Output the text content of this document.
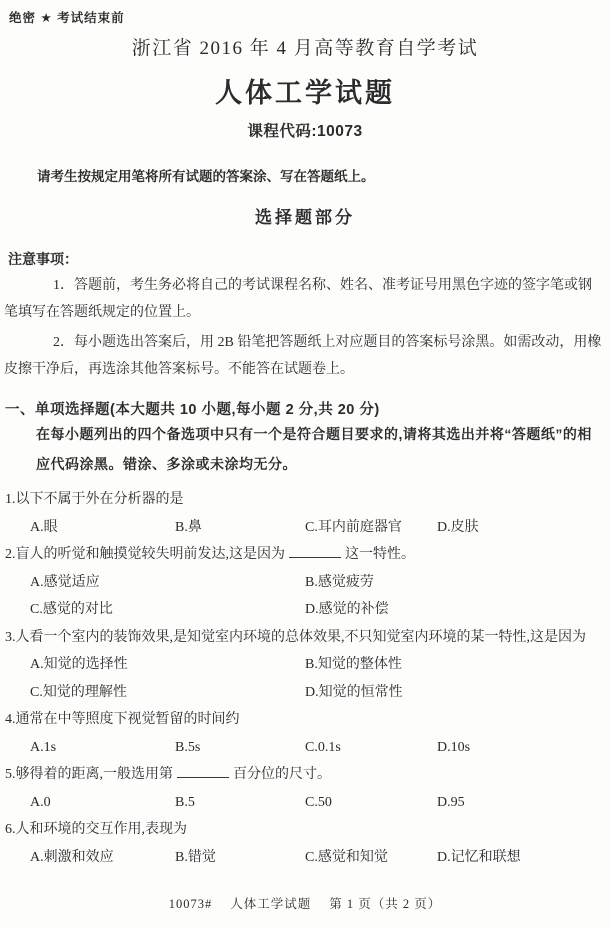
绝密 ★ 考试结束前
浙江省 2016 年 4 月高等教育自学考试
人体工学试题
课程代码:10073
请考生按规定用笔将所有试题的答案涂、写在答题纸上。
选择题部分
注意事项：

1．答题前，考生务必将自己的考试课程名称、姓名、准考证号用黑色字迹的签字笔或钢笔填写在答题纸规定的位置上。

2．每小题选出答案后，用 2B 铅笔把答题纸上对应题目的答案标号涂黑。如需改动，用橡皮擦干净后，再选涂其他答案标号。不能答在试题卷上。

一、单项选择题(本大题共 10 小题,每小题 2 分,共 20 分)
在每小题列出的四个备选项中只有一个是符合题目要求的,请将其选出并将“答题纸”的相应代码涂黑。错涂、多涂或未涂均无分。
1.以下不属于外在分析器的是
A.眼	B.鼻	C.耳内前庭器官	D.皮肤
2.盲人的听觉和触摸觉较失明前发达,这是因为	这一特性。
A.感觉适应	B.感觉疲劳
C.感觉的对比	D.感觉的补偿
3.人看一个室内的装饰效果,是知觉室内环境的总体效果,不只知觉室内环境的某一特性,这是因为
A.知觉的选择性	B.知觉的整体性
C.知觉的理解性	D.知觉的恒常性
4.通常在中等照度下视觉暂留的时间约
A.1s	B.5s	C.0.1s	D.10s
5.够得着的距离,一般选用第	百分位的尺寸。
A.0	B.5	C.50	D.95
6.人和环境的交互作用,表现为
A.刺激和效应	B.错觉	C.感觉和知觉	D.记忆和联想
10073# 人体工学试题 第 1 页（共 2 页）
